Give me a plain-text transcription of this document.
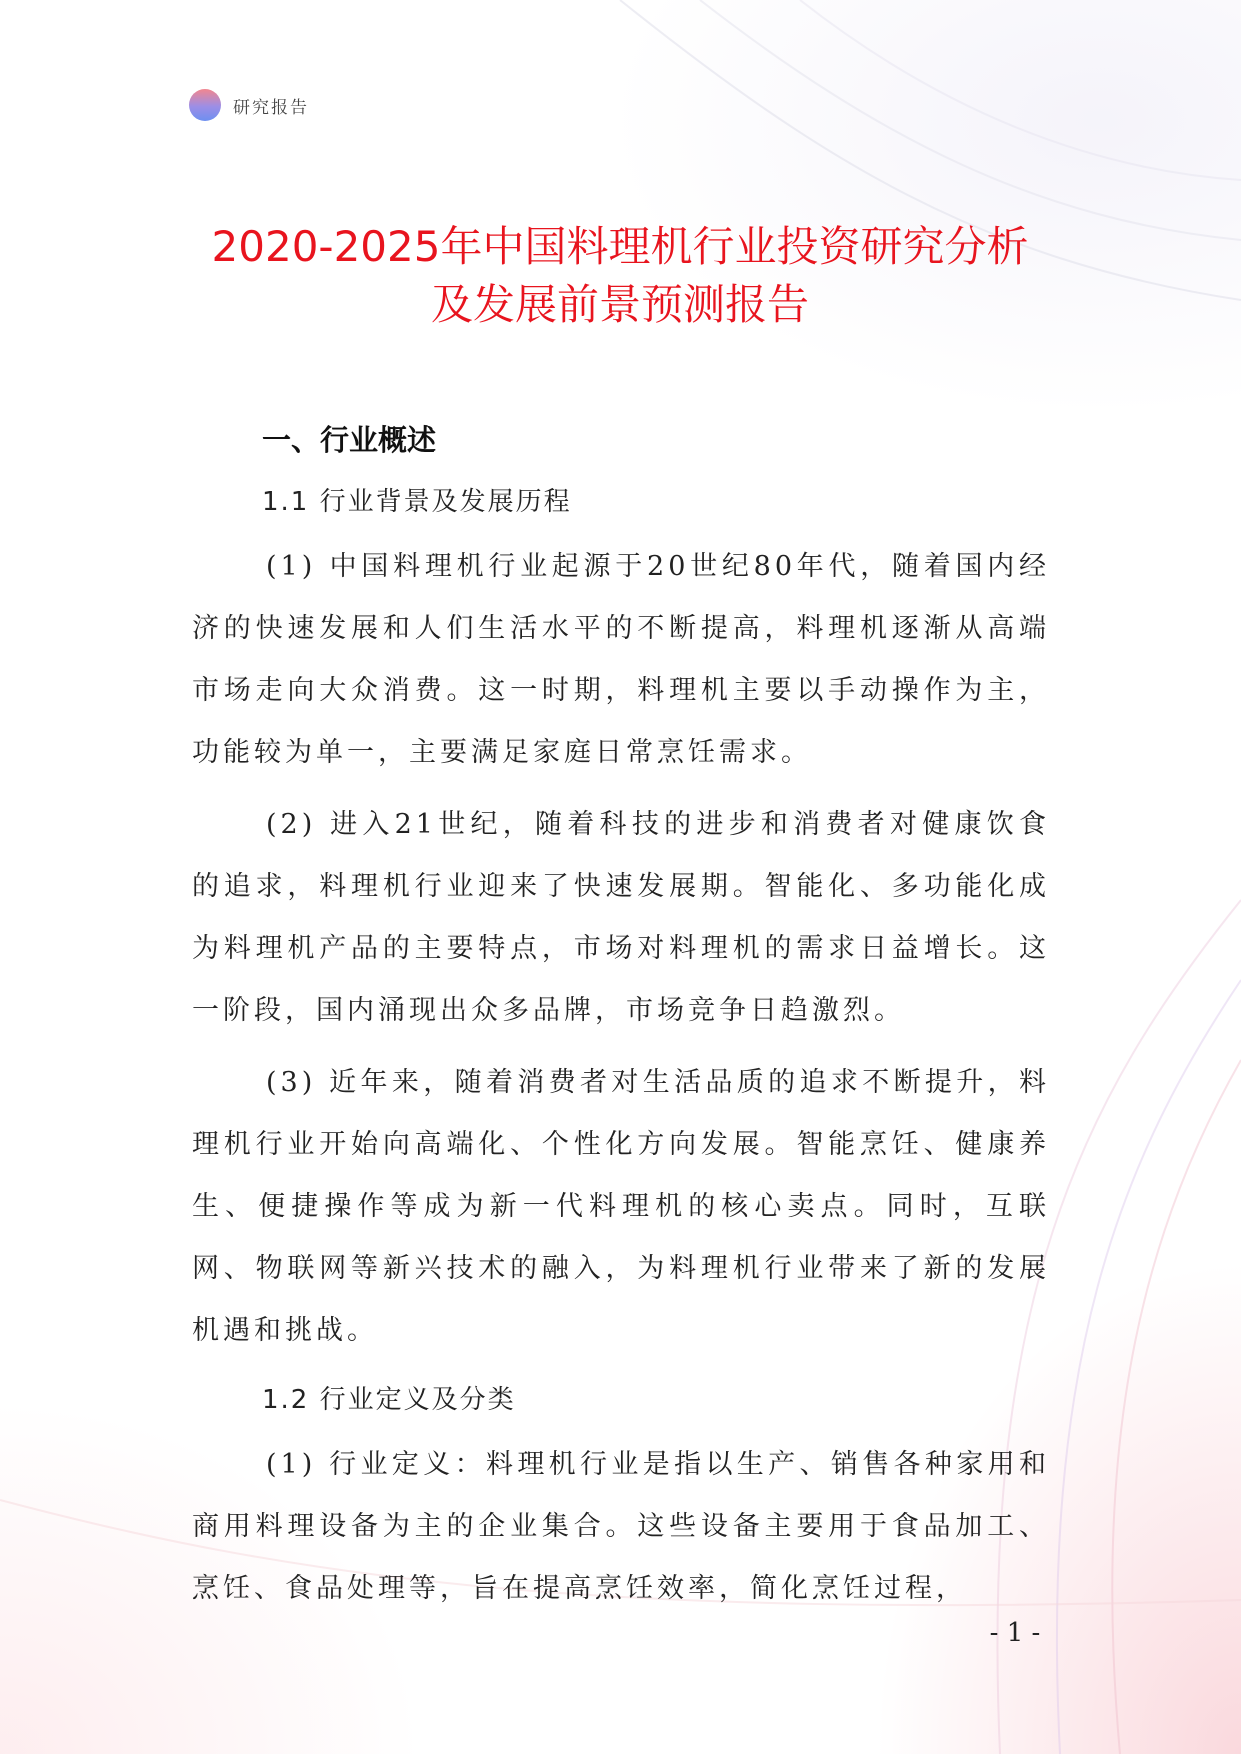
研究报告
2020-2025年中国料理机行业投资研究分析
及发展前景预测报告
一、行业概述
1.1 行业背景及发展历程

(1) 中国料理机行业起源于20世纪80年代，随着国内经济的快速发展和人们生活水平的不断提高，料理机逐渐从高端市场走向大众消费。这一时期，料理机主要以手动操作为主，功能较为单一，主要满足家庭日常烹饪需求。

(2) 进入21世纪，随着科技的进步和消费者对健康饮食的追求，料理机行业迎来了快速发展期。智能化、多功能化成为料理机产品的主要特点，市场对料理机的需求日益增长。这一阶段，国内涌现出众多品牌，市场竞争日趋激烈。

(3) 近年来，随着消费者对生活品质的追求不断提升，料理机行业开始向高端化、个性化方向发展。智能烹饪、健康养生、便捷操作等成为新一代料理机的核心卖点。同时，互联网、物联网等新兴技术的融入，为料理机行业带来了新的发展机遇和挑战。

1.2 行业定义及分类

(1) 行业定义：料理机行业是指以生产、销售各种家用和商用料理设备为主的企业集合。这些设备主要用于食品加工、烹饪、食品处理等，旨在提高烹饪效率，简化烹饪过程，

- 1 -
